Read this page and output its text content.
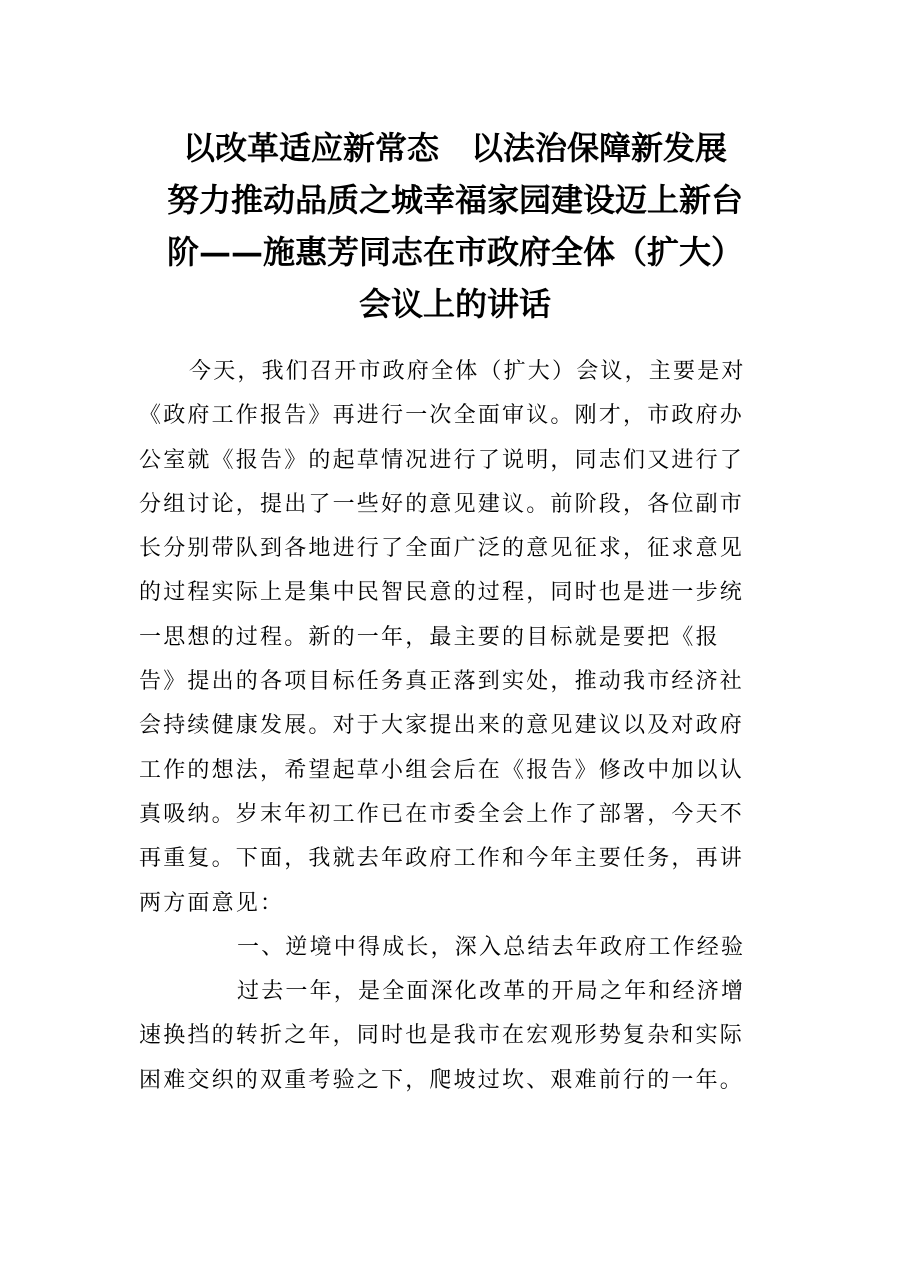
以改革适应新常态　以法治保障新发展
努力推动品质之城幸福家园建设迈上新台
阶——施惠芳同志在市政府全体（扩大）
会议上的讲话
今天，我们召开市政府全体（扩大）会议，主要是对
《政府工作报告》再进行一次全面审议。刚才，市政府办
公室就《报告》的起草情况进行了说明，同志们又进行了
分组讨论，提出了一些好的意见建议。前阶段，各位副市
长分别带队到各地进行了全面广泛的意见征求，征求意见
的过程实际上是集中民智民意的过程，同时也是进一步统
一思想的过程。新的一年，最主要的目标就是要把《报
告》提出的各项目标任务真正落到实处，推动我市经济社
会持续健康发展。对于大家提出来的意见建议以及对政府
工作的想法，希望起草小组会后在《报告》修改中加以认
真吸纳。岁末年初工作已在市委全会上作了部署，今天不
再重复。下面，我就去年政府工作和今年主要任务，再讲
两方面意见：
一、逆境中得成长，深入总结去年政府工作经验
过去一年，是全面深化改革的开局之年和经济增
速换挡的转折之年，同时也是我市在宏观形势复杂和实际
困难交织的双重考验之下，爬坡过坎、艰难前行的一年。
